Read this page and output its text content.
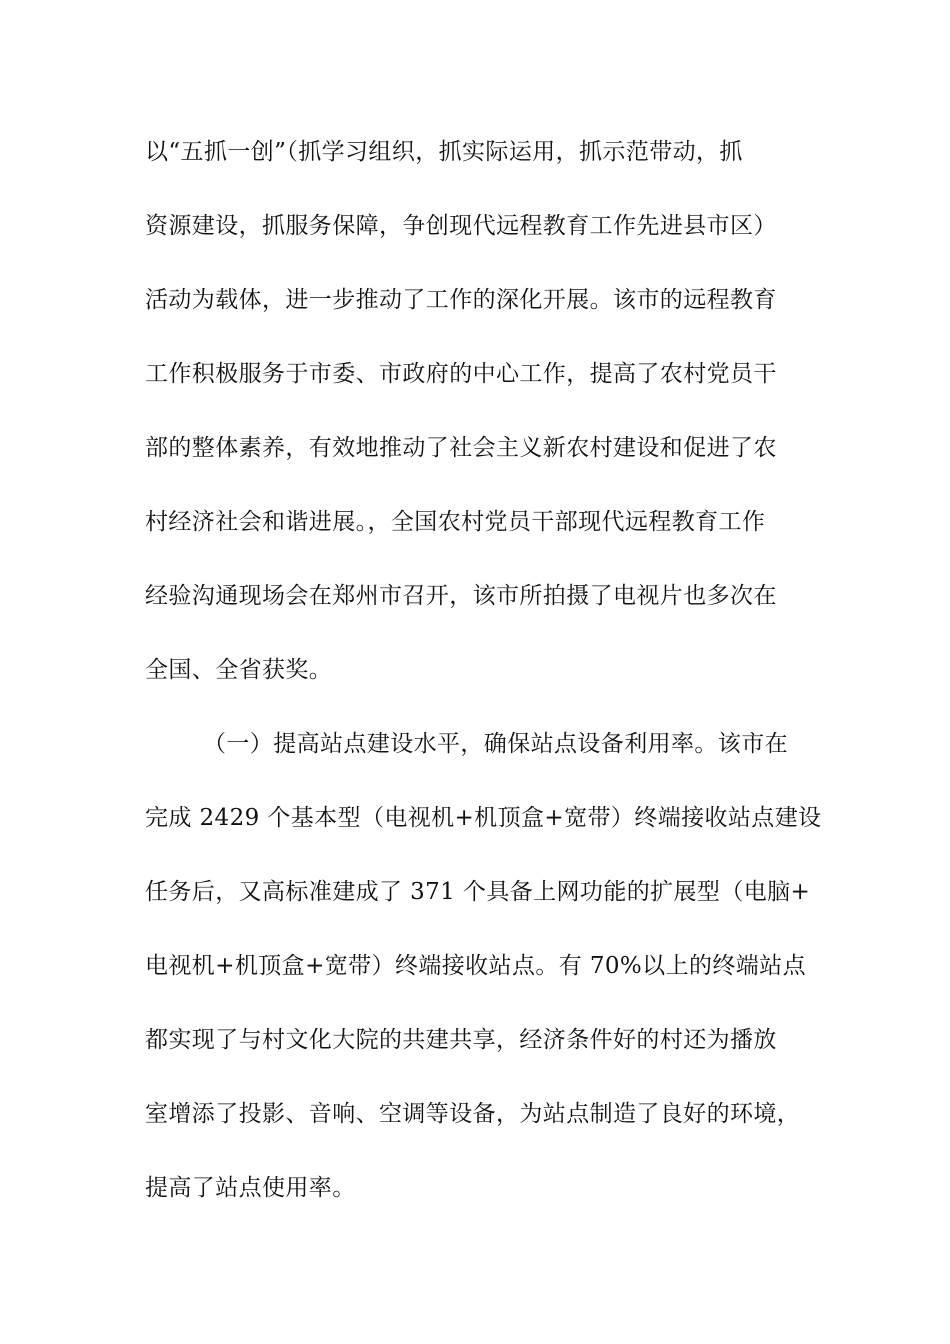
以“五抓一创”（抓学习组织，抓实际运用，抓示范带动，抓
资源建设，抓服务保障，争创现代远程教育工作先进县市区）
活动为载体，进一步推动了工作的深化开展。该市的远程教育
工作积极服务于市委、市政府的中心工作，提高了农村党员干
部的整体素养，有效地推动了社会主义新农村建设和促进了农
村经济社会和谐进展。，全国农村党员干部现代远程教育工作
经验沟通现场会在郑州市召开，该市所拍摄了电视片也多次在
全国、全省获奖。
（一）提高站点建设水平，确保站点设备利用率。该市在
完成 2429 个基本型（电视机+机顶盒+宽带）终端接收站点建设
任务后，又高标准建成了 371 个具备上网功能的扩展型（电脑+
电视机+机顶盒+宽带）终端接收站点。有 70%以上的终端站点
都实现了与村文化大院的共建共享，经济条件好的村还为播放
室增添了投影、音响、空调等设备，为站点制造了良好的环境，
提高了站点使用率。
